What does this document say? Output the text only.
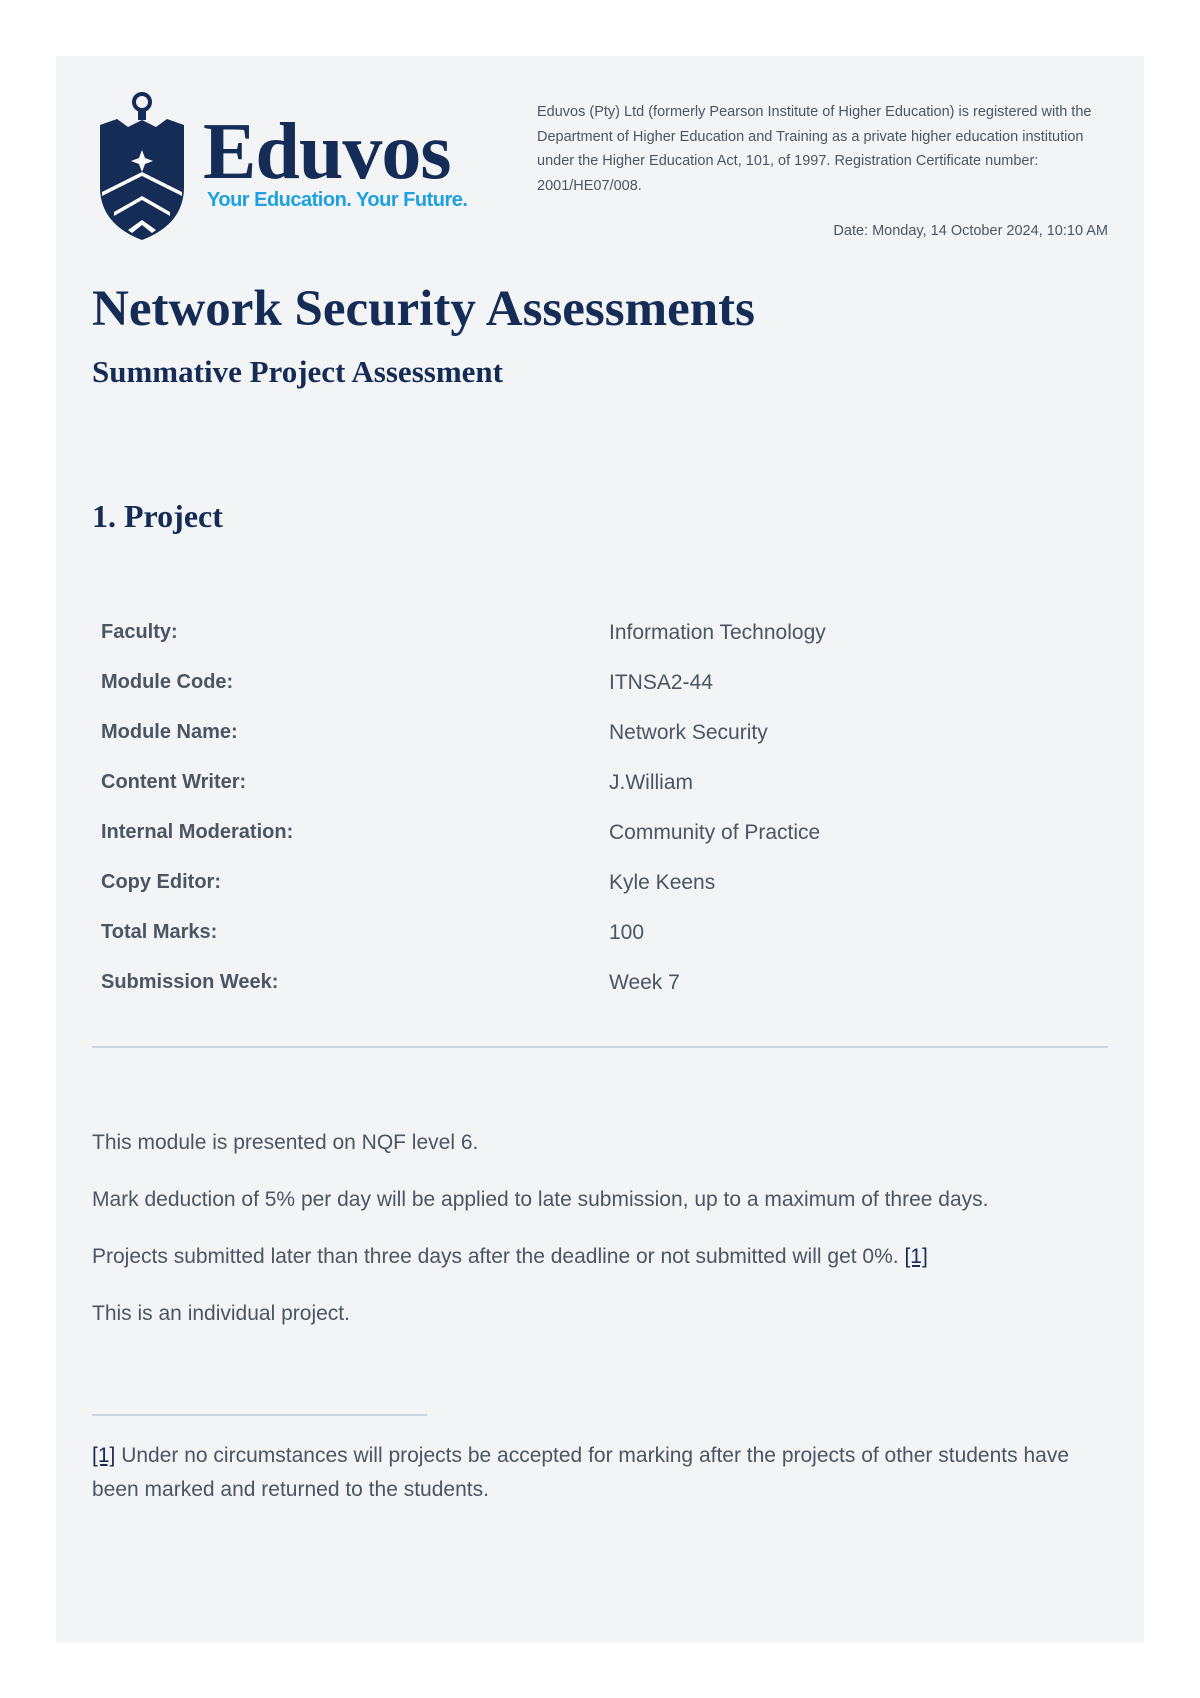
Eduvos
Your Education. Your Future.
Eduvos (Pty) Ltd (formerly Pearson Institute of Higher Education) is registered with the Department of Higher Education and Training as a private higher education institution under the Higher Education Act, 101, of 1997. Registration Certificate number: 2001/HE07/008.
Date: Monday, 14 October 2024, 10:10 AM
Network Security Assessments
Summative Project Assessment
1. Project
Faculty:	Information Technology
Module Code:	ITNSA2-44
Module Name:	Network Security
Content Writer:	J.William
Internal Moderation:	Community of Practice
Copy Editor:	Kyle Keens
Total Marks:	100
Submission Week:	Week 7

This module is presented on NQF level 6.

Mark deduction of 5% per day will be applied to late submission, up to a maximum of three days.

Projects submitted later than three days after the deadline or not submitted will get 0%. [1]

This is an individual project.

[1] Under no circumstances will projects be accepted for marking after the projects of other students have been marked and returned to the students.
